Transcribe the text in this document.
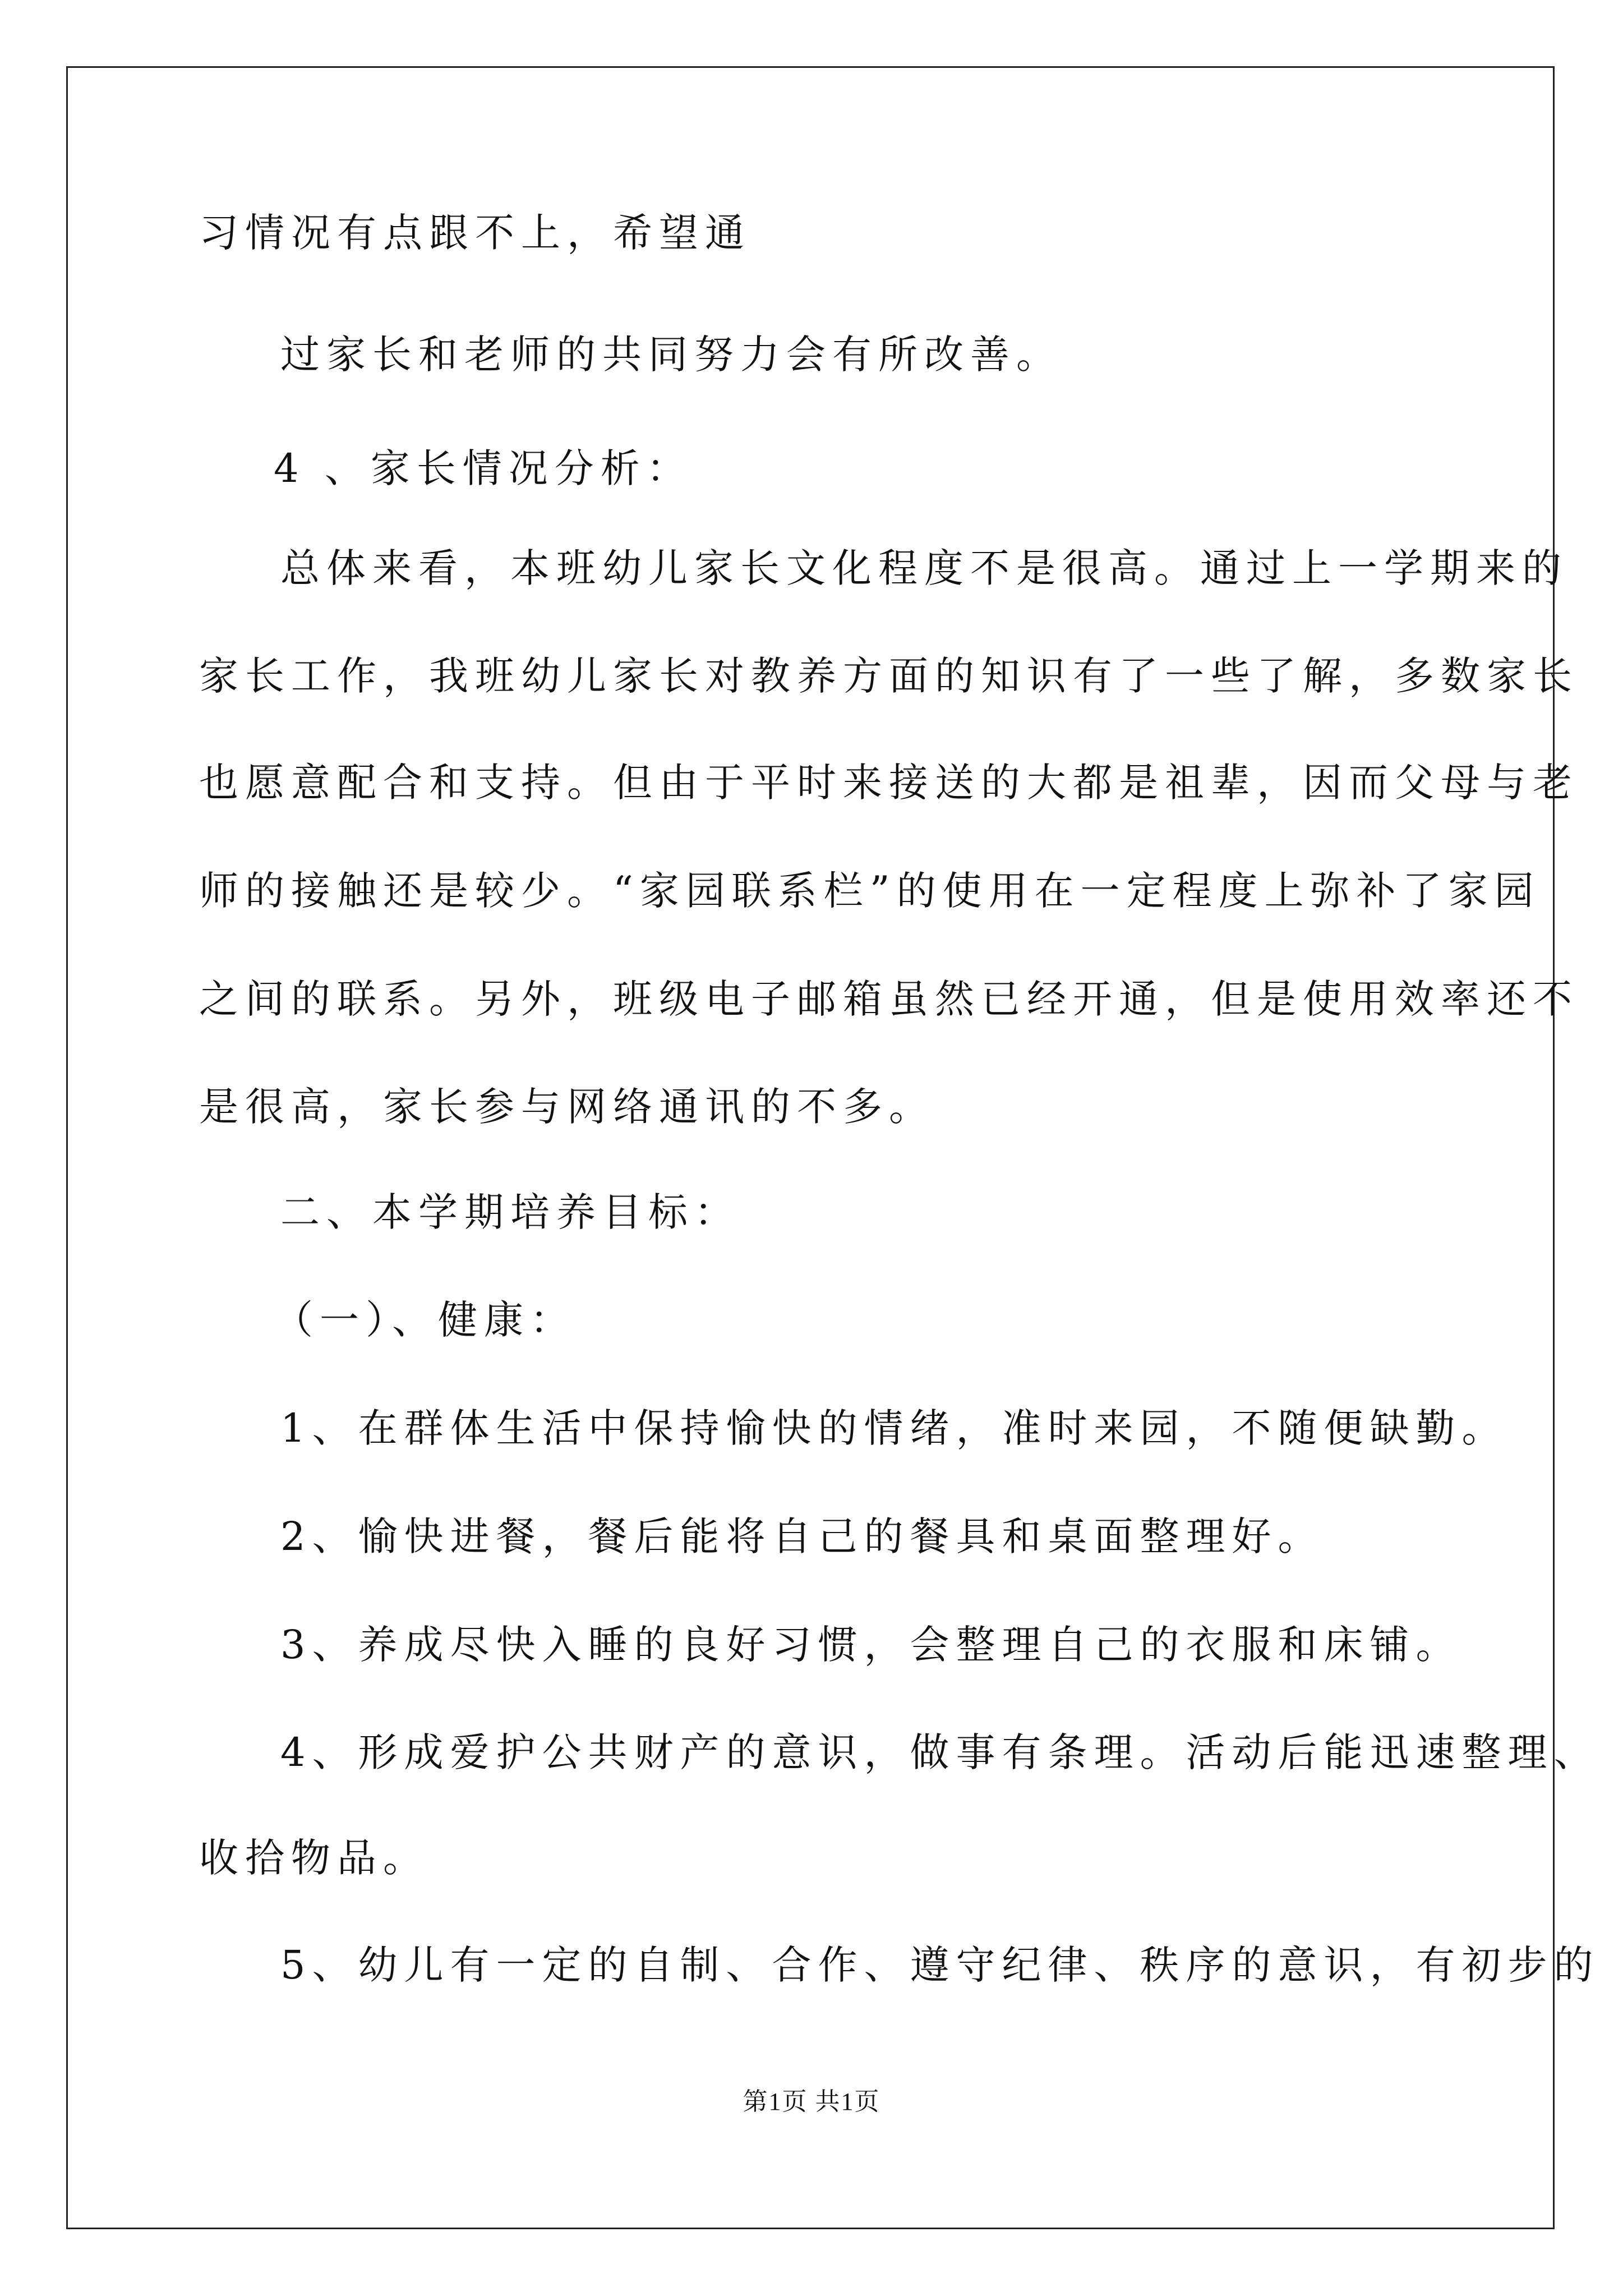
习情况有点跟不上，希望通
过家长和老师的共同努力会有所改善。
4 、家长情况分析：
总体来看，本班幼儿家长文化程度不是很高。通过上一学期来的
家长工作，我班幼儿家长对教养方面的知识有了一些了解，多数家长
也愿意配合和支持。但由于平时来接送的大都是祖辈，因而父母与老
师的接触还是较少。“家园联系栏”的使用在一定程度上弥补了家园
之间的联系。另外，班级电子邮箱虽然已经开通，但是使用效率还不
是很高，家长参与网络通讯的不多。
二、本学期培养目标：
（一）、健康：
1、在群体生活中保持愉快的情绪，准时来园，不随便缺勤。
2、愉快进餐，餐后能将自己的餐具和桌面整理好。
3、养成尽快入睡的良好习惯，会整理自己的衣服和床铺。
4、形成爱护公共财产的意识，做事有条理。活动后能迅速整理、
收拾物品。
5、幼儿有一定的自制、合作、遵守纪律、秩序的意识，有初步的
第1页 共1页
